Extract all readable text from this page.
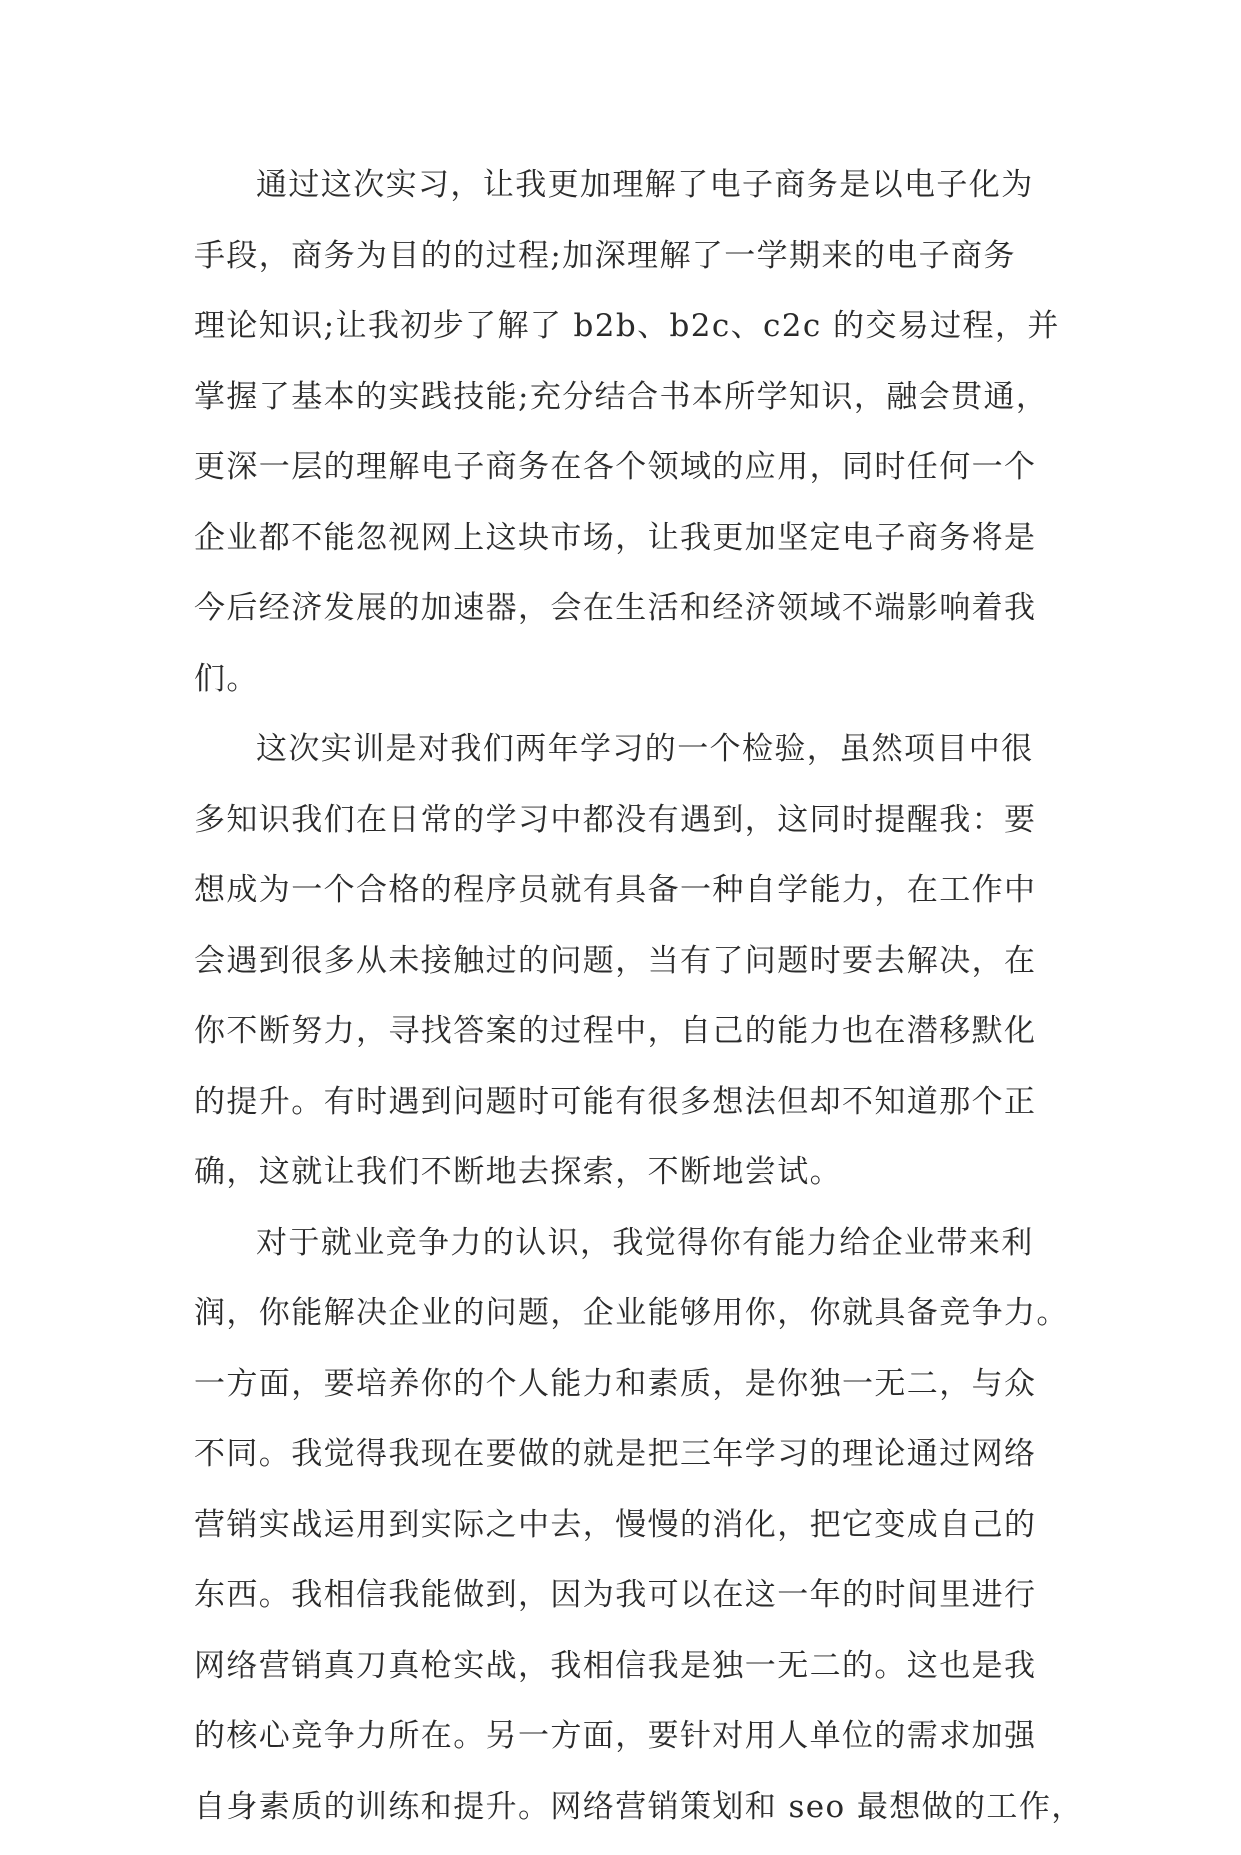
通过这次实习，让我更加理解了电子商务是以电子化为
手段，商务为目的的过程;加深理解了一学期来的电子商务
理论知识;让我初步了解了 b2b、b2c、c2c 的交易过程，并
掌握了基本的实践技能;充分结合书本所学知识，融会贯通，
更深一层的理解电子商务在各个领域的应用，同时任何一个
企业都不能忽视网上这块市场，让我更加坚定电子商务将是
今后经济发展的加速器，会在生活和经济领域不端影响着我
们。
这次实训是对我们两年学习的一个检验，虽然项目中很
多知识我们在日常的学习中都没有遇到，这同时提醒我：要
想成为一个合格的程序员就有具备一种自学能力，在工作中
会遇到很多从未接触过的问题，当有了问题时要去解决，在
你不断努力，寻找答案的过程中，自己的能力也在潜移默化
的提升。有时遇到问题时可能有很多想法但却不知道那个正
确，这就让我们不断地去探索，不断地尝试。
对于就业竞争力的认识，我觉得你有能力给企业带来利
润，你能解决企业的问题，企业能够用你，你就具备竞争力。
一方面，要培养你的个人能力和素质，是你独一无二，与众
不同。我觉得我现在要做的就是把三年学习的理论通过网络
营销实战运用到实际之中去，慢慢的消化，把它变成自己的
东西。我相信我能做到，因为我可以在这一年的时间里进行
网络营销真刀真枪实战，我相信我是独一无二的。这也是我
的核心竞争力所在。另一方面，要针对用人单位的需求加强
自身素质的训练和提升。网络营销策划和 seo 最想做的工作，
